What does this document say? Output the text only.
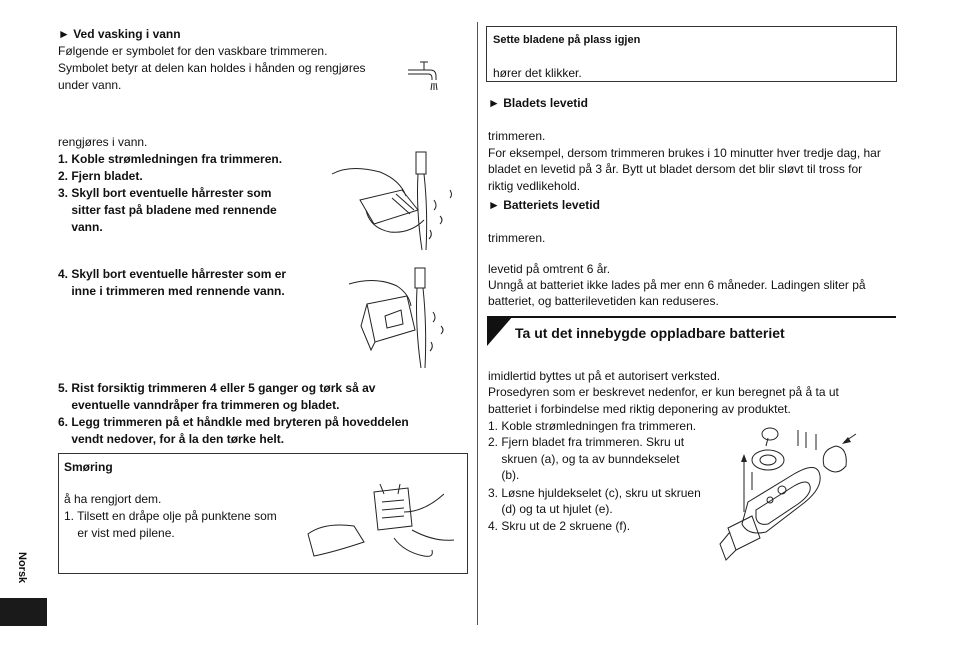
► Ved vasking i vann
Følgende er symbolet for den vaskbare trimmeren.
Symbolet betyr at delen kan holdes i hånden og rengjøres
under vann.
rengjøres i vann.
1. Koble strømledningen fra trimmeren.
2. Fjern bladet.
3. Skyll bort eventuelle hårrester som
sitter fast på bladene med rennende
vann.
4. Skyll bort eventuelle hårrester som er
inne i trimmeren med rennende vann.
5. Rist forsiktig trimmeren 4 eller 5 ganger og tørk så av
eventuelle vanndråper fra trimmeren og bladet.
6. Legg trimmeren på et håndkle med bryteren på hoveddelen
vendt nedover, for å la den tørke helt.
Smøring
å ha rengjort dem.
1. Tilsett en dråpe olje på punktene som
er vist med pilene.
Norsk
Sette bladene på plass igjen
hører det klikker.
► Bladets levetid
trimmeren.
For eksempel, dersom trimmeren brukes i 10 minutter hver tredje dag, har
bladet en levetid på 3 år. Bytt ut bladet dersom det blir sløvt til tross for
riktig vedlikehold.
► Batteriets levetid
trimmeren.
levetid på omtrent 6 år.
Unngå at batteriet ikke lades på mer enn 6 måneder. Ladingen sliter på
batteriet, og batterilevetiden kan reduseres.
Ta ut det innebygde oppladbare batteriet
imidlertid byttes ut på et autorisert verksted.
Prosedyren som er beskrevet nedenfor, er kun beregnet på å ta ut
batteriet i forbindelse med riktig deponering av produktet.
1. Koble strømledningen fra trimmeren.
2. Fjern bladet fra trimmeren. Skru ut
skruen (a), og ta av bunndekselet
(b).
3. Løsne hjuldekselet (c), skru ut skruen
(d) og ta ut hjulet (e).
4. Skru ut de 2 skruene (f).
